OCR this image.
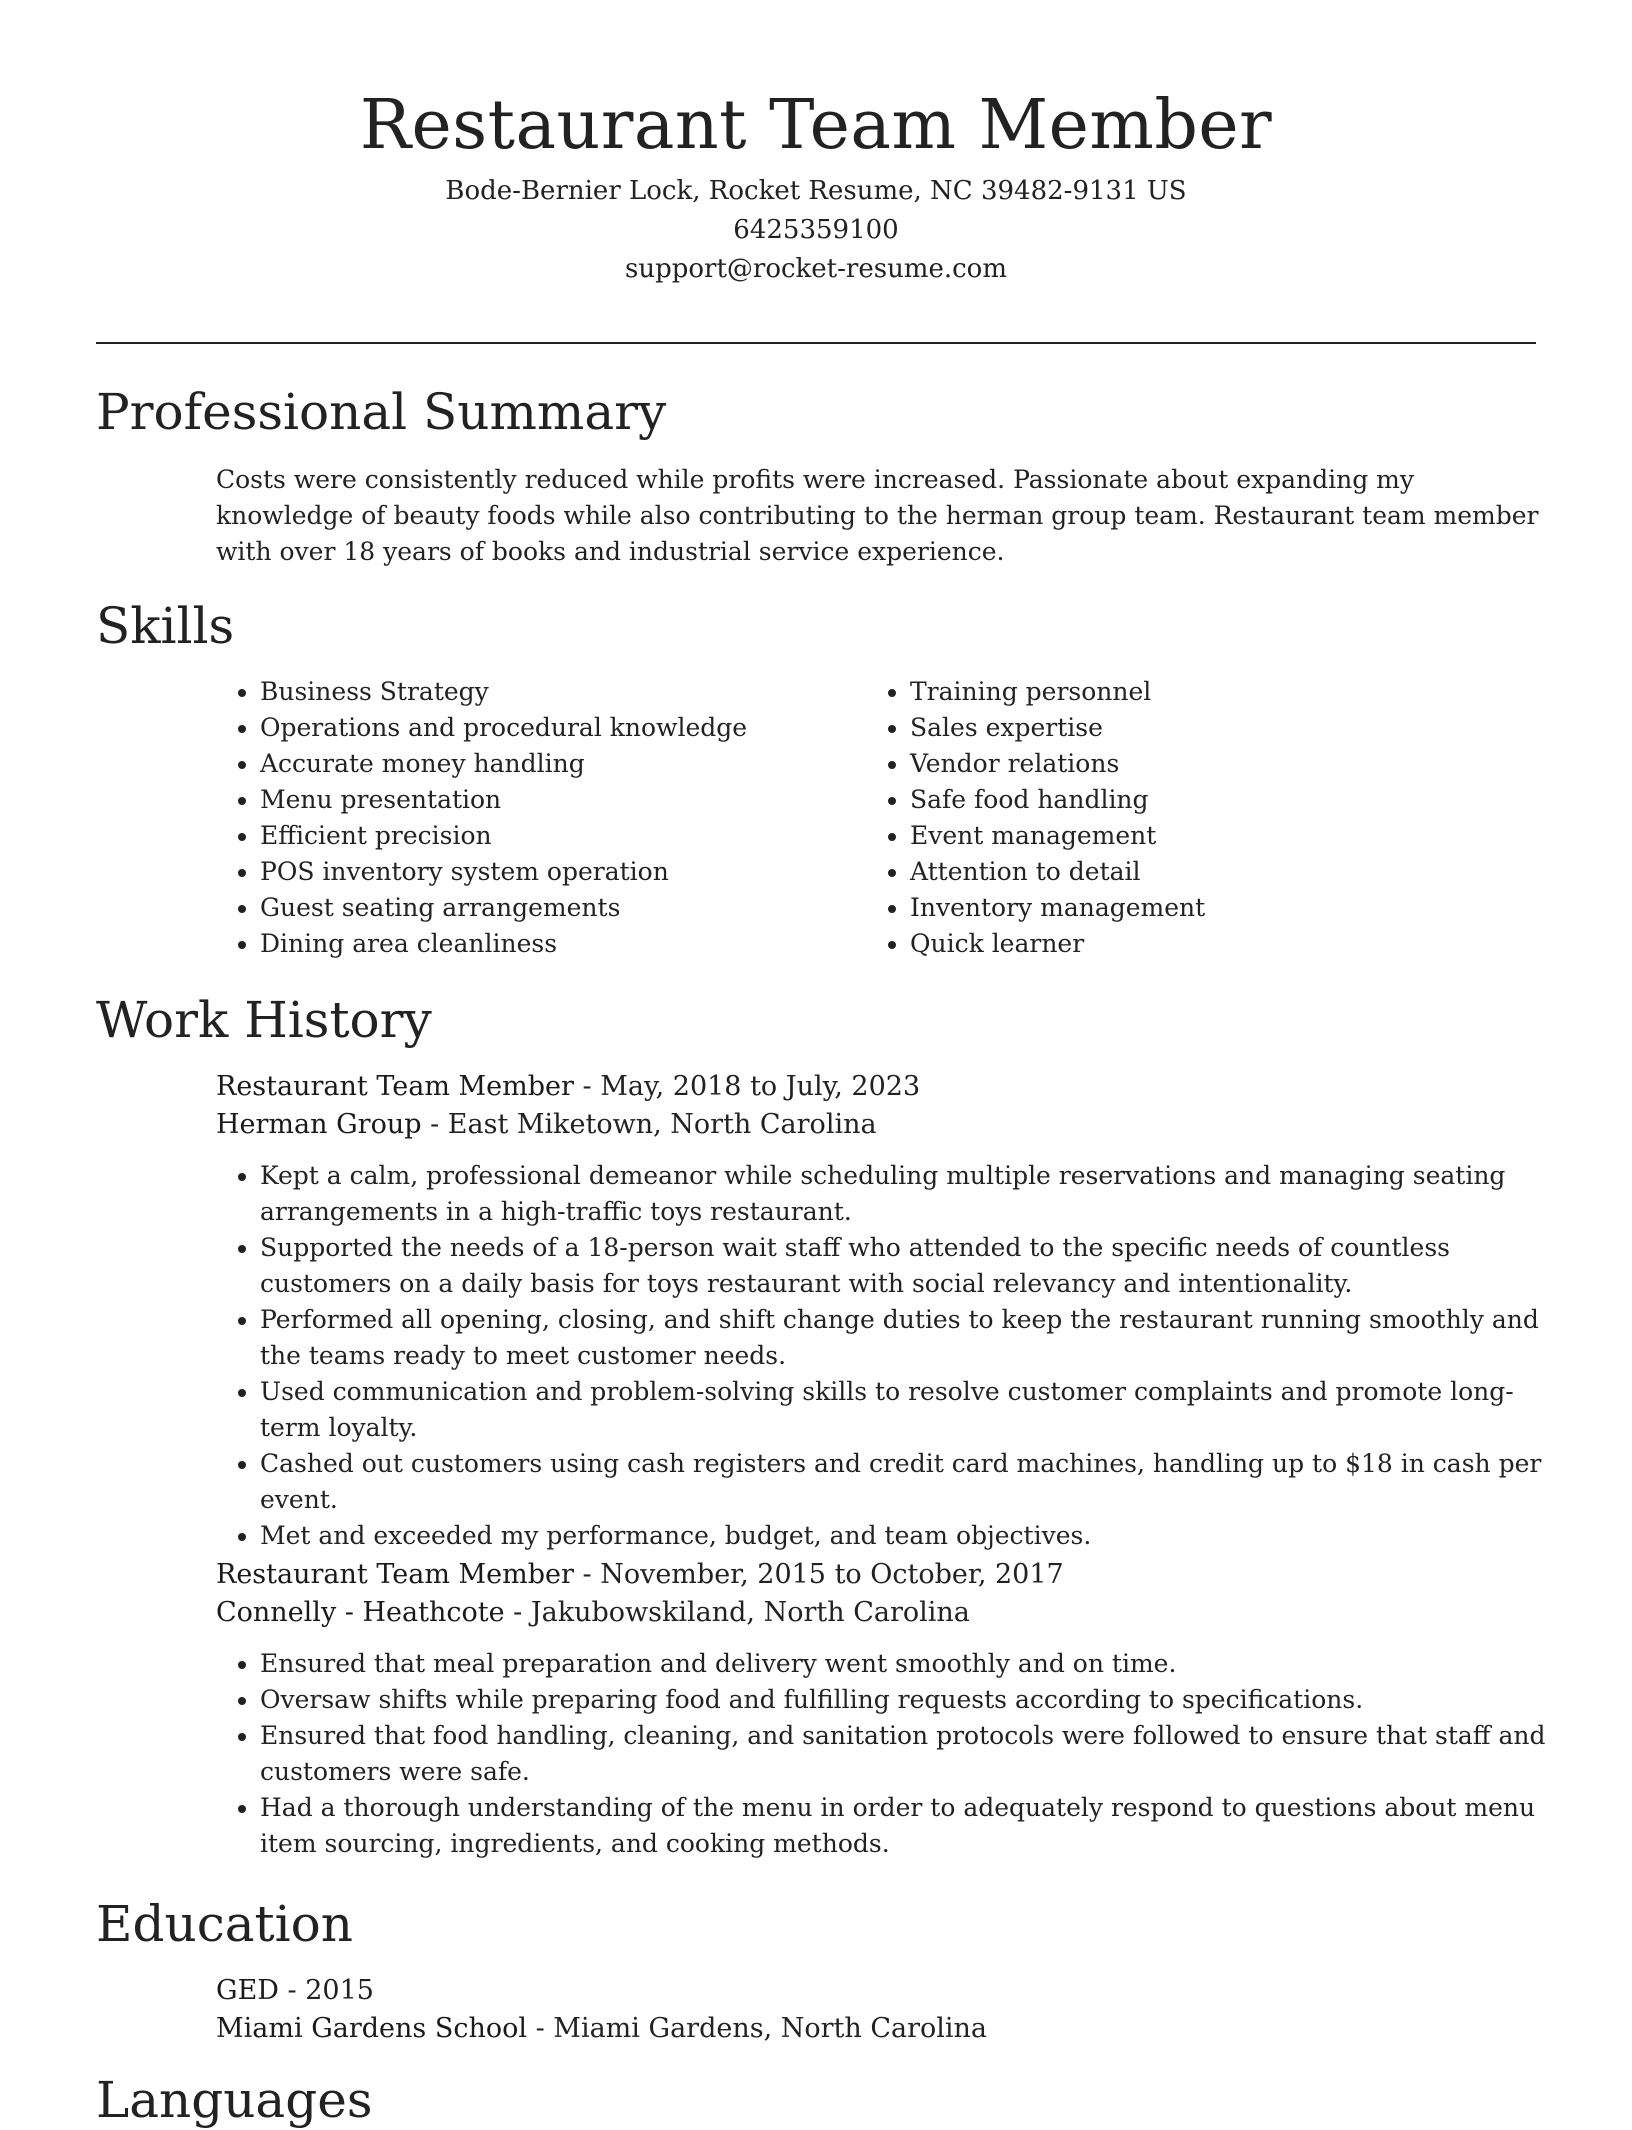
Restaurant Team Member

Bode-Bernier Lock, Rocket Resume, NC 39482-9131 US

6425359100

support@rocket-resume.com

Professional Summary

Costs were consistently reduced while profits were increased. Passionate about expanding my knowledge of beauty foods while also contributing to the herman group team. Restaurant team member with over 18 years of books and industrial service experience.

Skills
• Business Strategy
• Operations and procedural knowledge
• Accurate money handling
• Menu presentation
• Efficient precision
• POS inventory system operation
• Guest seating arrangements
• Dining area cleanliness
• Training personnel
• Sales expertise
• Vendor relations
• Safe food handling
• Event management
• Attention to detail
• Inventory management
• Quick learner
Work History

Restaurant Team Member - May, 2018 to July, 2023

Herman Group - East Miketown, North Carolina

• Kept a calm, professional demeanor while scheduling multiple reservations and managing seating arrangements in a high-traffic toys restaurant.
• Supported the needs of a 18-person wait staff who attended to the specific needs of countless customers on a daily basis for toys restaurant with social relevancy and intentionality.
• Performed all opening, closing, and shift change duties to keep the restaurant running smoothly and the teams ready to meet customer needs.
• Used communication and problem-solving skills to resolve customer complaints and promote long-term loyalty.
• Cashed out customers using cash registers and credit card machines, handling up to $18 in cash per event.
• Met and exceeded my performance, budget, and team objectives.

Restaurant Team Member - November, 2015 to October, 2017

Connelly - Heathcote - Jakubowskiland, North Carolina

• Ensured that meal preparation and delivery went smoothly and on time.
• Oversaw shifts while preparing food and fulfilling requests according to specifications.
• Ensured that food handling, cleaning, and sanitation protocols were followed to ensure that staff and customers were safe.
• Had a thorough understanding of the menu in order to adequately respond to questions about menu item sourcing, ingredients, and cooking methods.
Education

GED - 2015

Miami Gardens School - Miami Gardens, North Carolina

Languages
